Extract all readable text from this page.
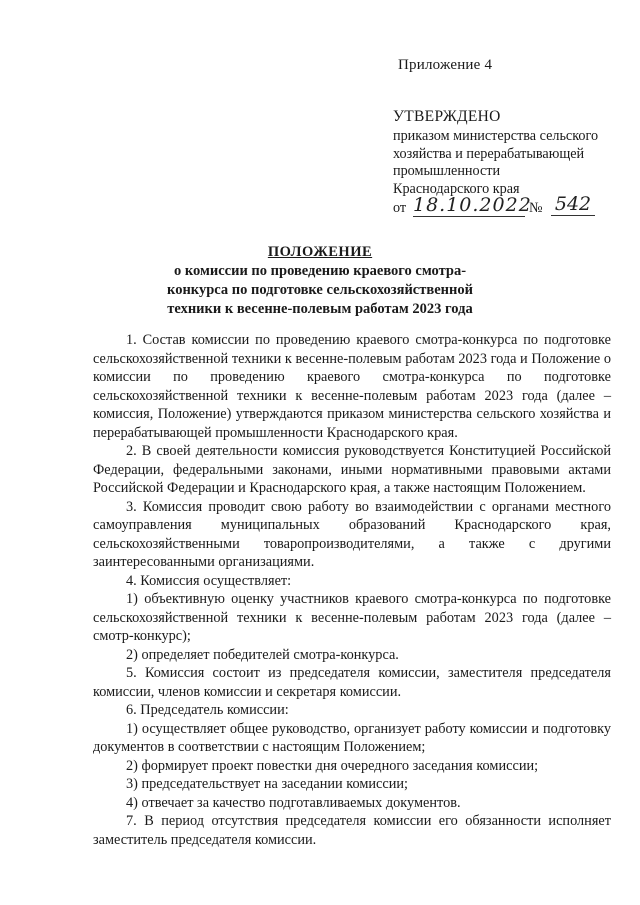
Приложение 4
УТВЕРЖДЕНО
приказом министерства сельского
хозяйства и перерабатывающей
промышленности
Краснодарского края
от 18.10.2022
№ 542
ПОЛОЖЕНИЕ
о комиссии по проведению краевого смотра-
конкурса по подготовке сельскохозяйственной
техники к весенне-полевым работам 2023 года

1. Состав комиссии по проведению краевого смотра-конкурса по подготовке сельскохозяйственной техники к весенне-полевым работам 2023 года и Положение о комиссии по проведению краевого смотра-конкурса по подготовке сельскохозяйственной техники к весенне-полевым работам 2023 года (далее – комиссия, Положение) утверждаются приказом министерства сельского хозяйства и перерабатывающей промышленности Краснодарского края.

2. В своей деятельности комиссия руководствуется Конституцией Российской Федерации, федеральными законами, иными нормативными правовыми актами Российской Федерации и Краснодарского края, а также настоящим Положением.

3. Комиссия проводит свою работу во взаимодействии с органами местного самоуправления муниципальных образований Краснодарского края, сельскохозяйственными товаропроизводителями, а также с другими заинтересованными организациями.

4. Комиссия осуществляет:

1) объективную оценку участников краевого смотра-конкурса по подготовке сельскохозяйственной техники к весенне-полевым работам 2023 года (далее – смотр-конкурс);

2) определяет победителей смотра-конкурса.

5. Комиссия состоит из председателя комиссии, заместителя председателя комиссии, членов комиссии и секретаря комиссии.

6. Председатель комиссии:

1) осуществляет общее руководство, организует работу комиссии и подготовку документов в соответствии с настоящим Положением;

2) формирует проект повестки дня очередного заседания комиссии;

3) председательствует на заседании комиссии;

4) отвечает за качество подготавливаемых документов.

7. В период отсутствия председателя комиссии его обязанности исполняет заместитель председателя комиссии.
